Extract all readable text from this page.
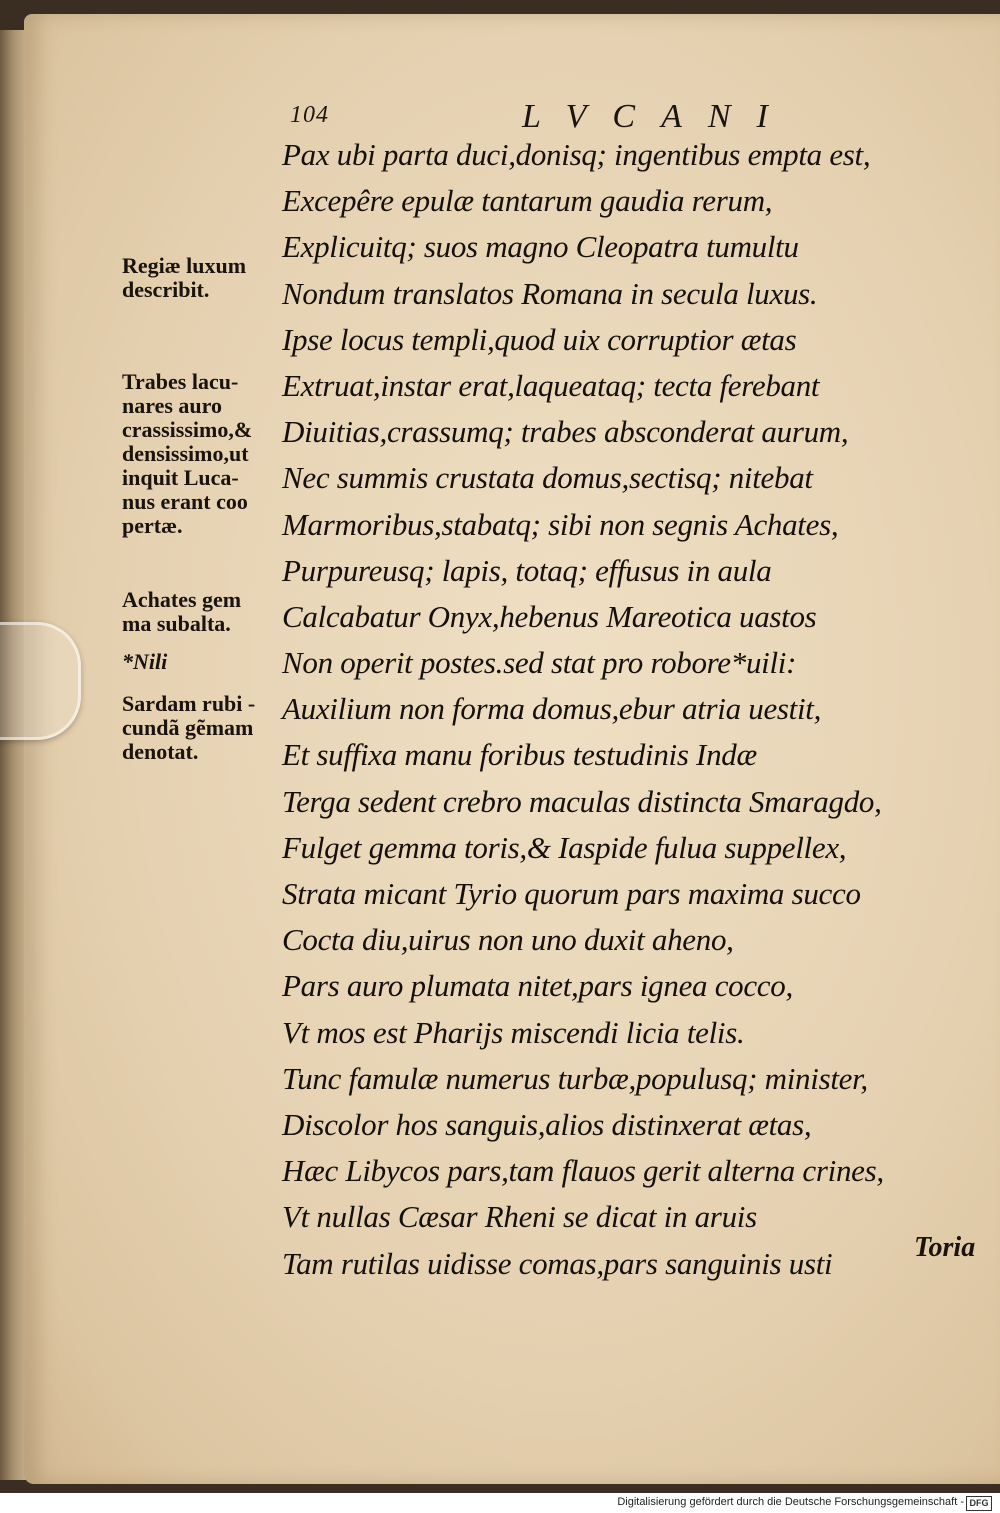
104	LVCANI
Pax ubi parta duci,donisq; ingentibus empta est,
Excepêre epulæ tantarum gaudia rerum,
Explicuitq; suos magno Cleopatra tumultu
Nondum translatos Romana in secula luxus.
Ipse locus templi,quod uix corruptior ætas
Extruat,instar erat,laqueataq; tecta ferebant
Diuitias,crassumq; trabes absconderat aurum,
Nec summis crustata domus,sectisq; nitebat
Marmoribus,stabatq; sibi non segnis Achates,
Purpureusq; lapis, totaq; effusus in aula
Calcabatur Onyx,hebenus Mareotica uastos
Non operit postes.sed stat pro robore*uili:
Auxilium non forma domus,ebur atria uestit,
Et suffixa manu foribus testudinis Indæ
Terga sedent crebro maculas distincta Smaragdo,
Fulget gemma toris,& Iaspide fulua suppellex,
Strata micant Tyrio quorum pars maxima succo
Cocta diu,uirus non uno duxit aheno,
Pars auro plumata nitet,pars ignea cocco,
Vt mos est Pharijs miscendi licia telis.
Tunc famulæ numerus turbæ,populusq; minister,
Discolor hos sanguis,alios distinxerat ætas,
Hæc Libycos pars,tam flauos gerit alterna crines,
Vt nullas Cæsar Rheni se dicat in aruis
Tam rutilas uidisse comas,pars sanguinis usti
Regiæ luxum
describit.
Trabes lacu-
nares auro
crassissimo,&
densissimo,ut
inquit Luca-
nus erant coo
pertæ.
Achates gem
ma subalta.
*Nili
Sardam rubi -
cundã gẽmam
denotat.
Toria
Digitalisierung gefördert durch die Deutsche Forschungsgemeinschaft - DFG
